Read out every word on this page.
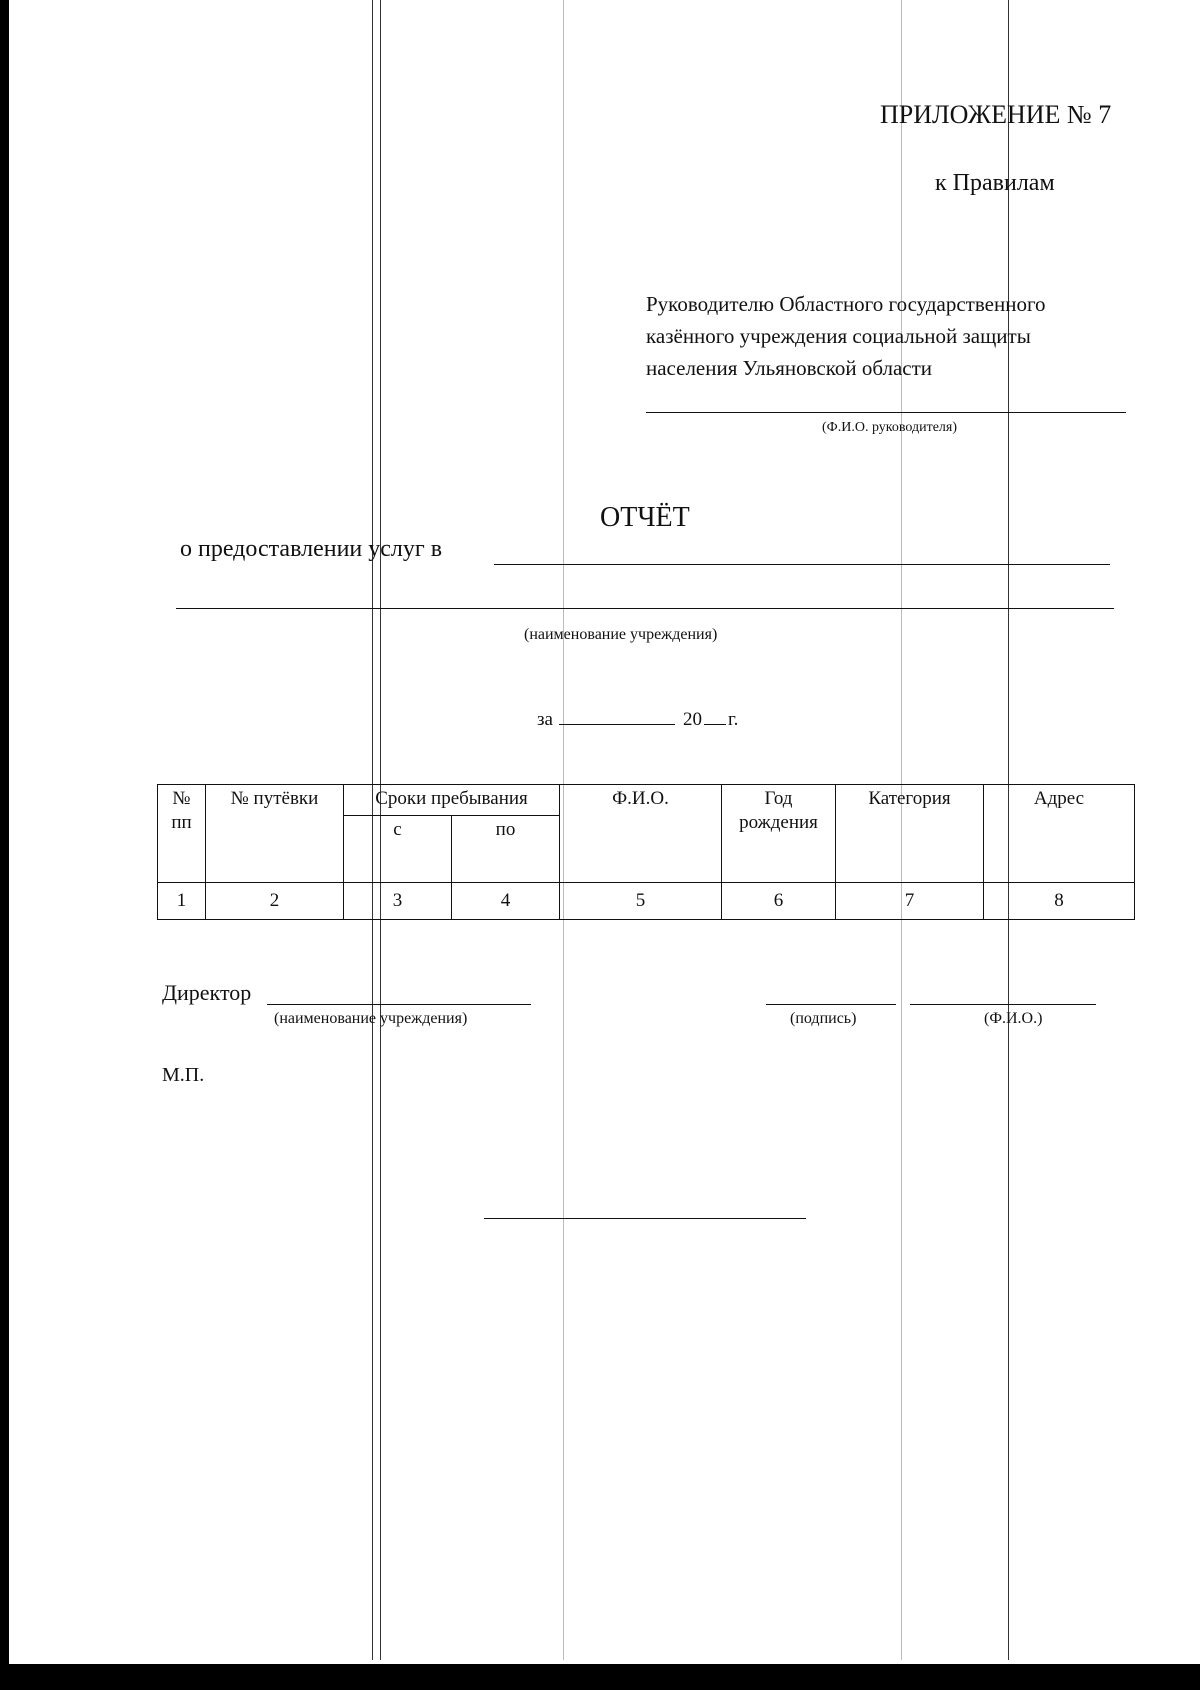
ПРИЛОЖЕНИЕ № 7
к Правилам
Руководителю Областного государственного
казённого учреждения социальной защиты
населения Ульяновской области
(Ф.И.О. руководителя)
ОТЧЁТ
о предоставлении услуг в
(наименование учреждения)
за	20 г.
№ пп	№ путёвки	Сроки пребывания		Ф.И.О.	Год рождения	Категория	Адрес
		с	по				
1	2	3	4	5	6	7	8
Директор
(наименование учреждения)	(подпись)	(Ф.И.О.)
М.П.
